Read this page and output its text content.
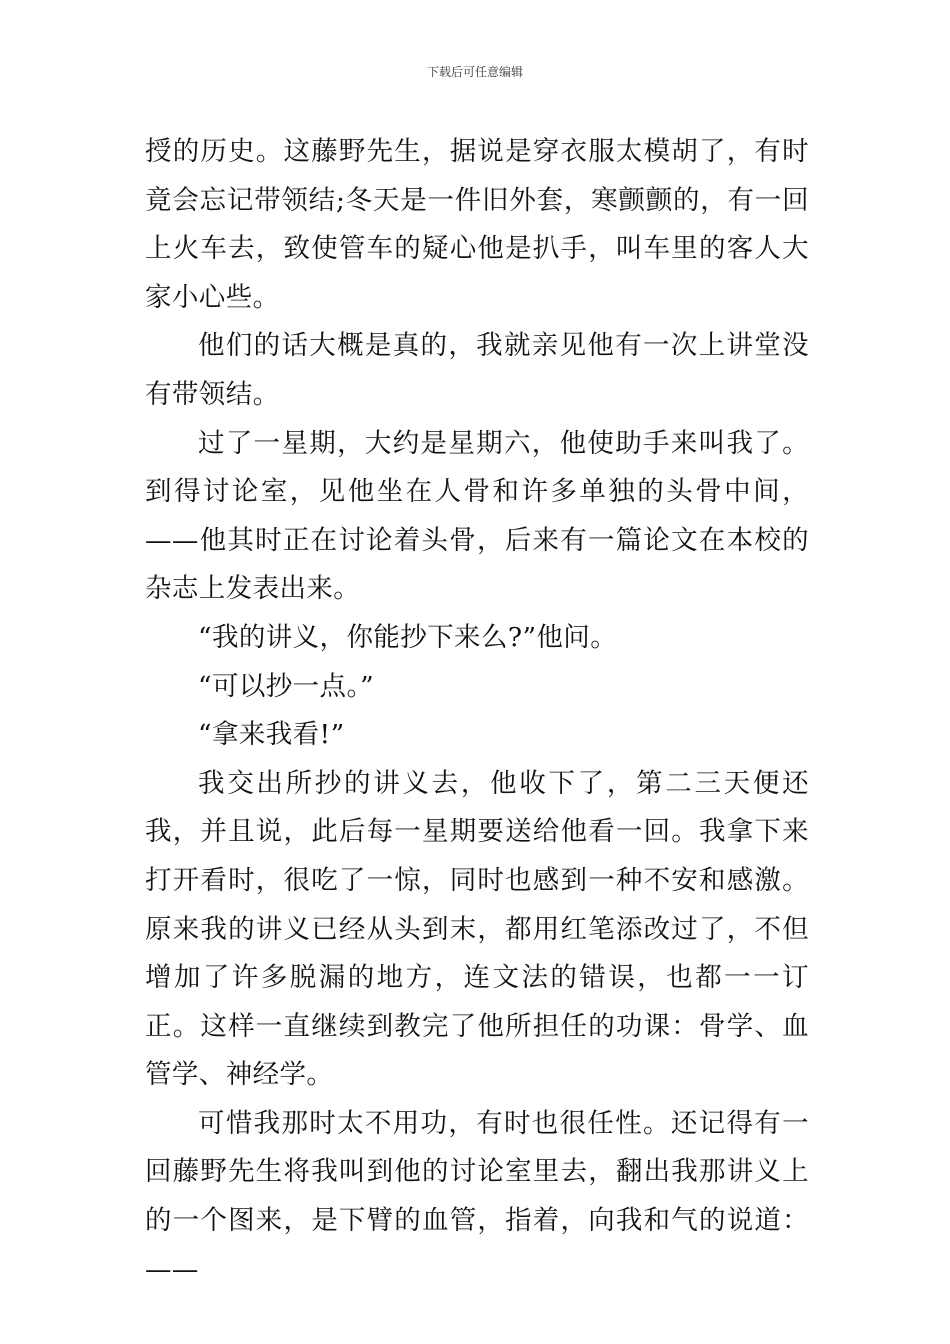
下载后可任意编辑

授的历史。这藤野先生，据说是穿衣服太模胡了，有时竟会忘记带领结;冬天是一件旧外套，寒颤颤的，有一回上火车去，致使管车的疑心他是扒手，叫车里的客人大家小心些。

他们的话大概是真的，我就亲见他有一次上讲堂没有带领结。

过了一星期，大约是星期六，他使助手来叫我了。到得讨论室，见他坐在人骨和许多单独的头骨中间，——他其时正在讨论着头骨，后来有一篇论文在本校的杂志上发表出来。

“我的讲义，你能抄下来么?”他问。

“可以抄一点。”

“拿来我看!”

我交出所抄的讲义去，他收下了，第二三天便还我，并且说，此后每一星期要送给他看一回。我拿下来打开看时，很吃了一惊，同时也感到一种不安和感激。原来我的讲义已经从头到末，都用红笔添改过了，不但增加了许多脱漏的地方，连文法的错误，也都一一订正。这样一直继续到教完了他所担任的功课：骨学、血管学、神经学。

可惜我那时太不用功，有时也很任性。还记得有一回藤野先生将我叫到他的讨论室里去，翻出我那讲义上的一个图来，是下臂的血管，指着，向我和气的说道：——
